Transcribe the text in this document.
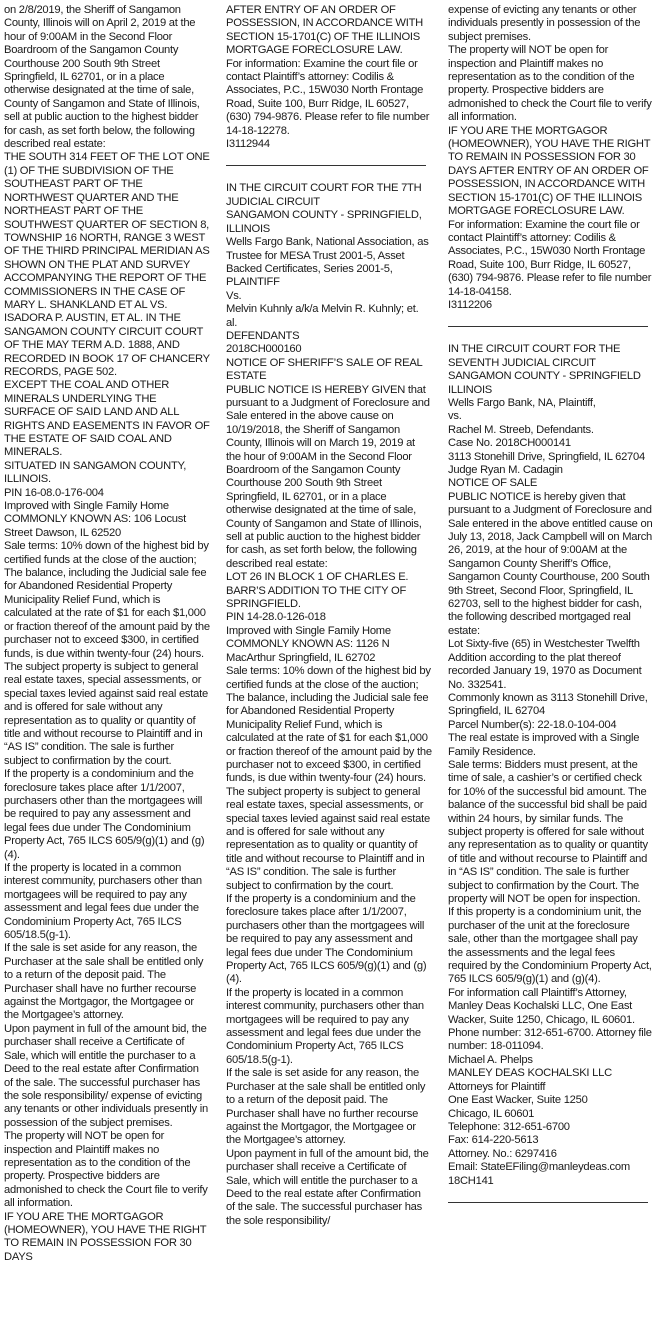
on 2/8/2019, the Sheriff of Sangamon County, Illinois will on April 2, 2019 at the hour of 9:00AM in the Second Floor Boardroom of the Sangamon County Courthouse 200 South 9th Street Springfield, IL 62701, or in a place otherwise designated at the time of sale, County of Sangamon and State of Illinois, sell at public auction to the highest bidder for cash, as set forth below, the following described real estate:

THE SOUTH 314 FEET OF THE LOT ONE (1) OF THE SUBDIVISION OF THE SOUTHEAST PART OF THE NORTHWEST QUARTER AND THE NORTHEAST PART OF THE SOUTHWEST QUARTER OF SECTION 8, TOWNSHIP 16 NORTH, RANGE 3 WEST OF THE THIRD PRINCIPAL MERIDIAN AS SHOWN ON THE PLAT AND SURVEY ACCOMPANYING THE REPORT OF THE COMMISSIONERS IN THE CASE OF MARY L. SHANKLAND ET AL VS. ISADORA P. AUSTIN, ET AL. IN THE SANGAMON COUNTY CIRCUIT COURT OF THE MAY TERM A.D. 1888, AND RECORDED IN BOOK 17 OF CHANCERY RECORDS, PAGE 502.

EXCEPT THE COAL AND OTHER MINERALS UNDERLYING THE SURFACE OF SAID LAND AND ALL RIGHTS AND EASEMENTS IN FAVOR OF THE ESTATE OF SAID COAL AND MINERALS.

SITUATED IN SANGAMON COUNTY, ILLINOIS.

PIN 16-08.0-176-004

Improved with Single Family Home

COMMONLY KNOWN AS: 106 Locust Street Dawson, IL 62520

Sale terms: 10% down of the highest bid by certified funds at the close of the auction; The balance, including the Judicial sale fee for Abandoned Residential Property Municipality Relief Fund, which is calculated at the rate of $1 for each $1,000 or fraction thereof of the amount paid by the purchaser not to exceed $300, in certified funds, is due within twenty-four (24) hours. The subject property is subject to general real estate taxes, special assessments, or special taxes levied against said real estate and is offered for sale without any representation as to quality or quantity of title and without recourse to Plaintiff and in “AS IS” condition. The sale is further subject to confirmation by the court.

If the property is a condominium and the foreclosure takes place after 1/1/2007, purchasers other than the mortgagees will be required to pay any assessment and legal fees due under The Condominium Property Act, 765 ILCS 605/9(g)(1) and (g)(4).

If the property is located in a common interest community, purchasers other than mortgagees will be required to pay any assessment and legal fees due under the Condominium Property Act, 765 ILCS 605/18.5(g-1).

If the sale is set aside for any reason, the Purchaser at the sale shall be entitled only to a return of the deposit paid. The Purchaser shall have no further recourse against the Mortgagor, the Mortgagee or the Mortgagee’s attorney.

Upon payment in full of the amount bid, the purchaser shall receive a Certificate of Sale, which will entitle the purchaser to a Deed to the real estate after Confirmation of the sale. The successful purchaser has the sole responsibility/ expense of evicting any tenants or other individuals presently in possession of the subject premises.

The property will NOT be open for inspection and Plaintiff makes no representation as to the condition of the property. Prospective bidders are admonished to check the Court file to verify all information.

IF YOU ARE THE MORTGAGOR (HOMEOWNER), YOU HAVE THE RIGHT TO REMAIN IN POSSESSION FOR 30 DAYS

AFTER ENTRY OF AN ORDER OF POSSESSION, IN ACCORDANCE WITH SECTION 15-1701(C) OF THE ILLINOIS MORTGAGE FORECLOSURE LAW.

For information: Examine the court file or contact Plaintiff’s attorney: Codilis & Associates, P.C., 15W030 North Frontage Road, Suite 100, Burr Ridge, IL 60527, (630) 794-9876. Please refer to file number 14-18-12278.

I3112944

IN THE CIRCUIT COURT FOR THE 7TH JUDICIAL CIRCUIT

SANGAMON COUNTY - SPRINGFIELD, ILLINOIS

Wells Fargo Bank, National Association, as Trustee for MESA Trust 2001-5, Asset Backed Certificates, Series 2001-5, PLAINTIFF

Vs.

Melvin Kuhnly a/k/a Melvin R. Kuhnly; et. al.

DEFENDANTS

2018CH000160

NOTICE OF SHERIFF’S SALE OF REAL ESTATE

PUBLIC NOTICE IS HEREBY GIVEN that pursuant to a Judgment of Foreclosure and Sale entered in the above cause on 10/19/2018, the Sheriff of Sangamon County, Illinois will on March 19, 2019 at the hour of 9:00AM in the Second Floor Boardroom of the Sangamon County Courthouse 200 South 9th Street Springfield, IL 62701, or in a place otherwise designated at the time of sale, County of Sangamon and State of Illinois, sell at public auction to the highest bidder for cash, as set forth below, the following described real estate:

LOT 26 IN BLOCK 1 OF CHARLES E. BARR’S ADDITION TO THE CITY OF SPRINGFIELD.

PIN 14-28.0-126-018

Improved with Single Family Home

COMMONLY KNOWN AS: 1126 N MacArthur Springfield, IL 62702

Sale terms: 10% down of the highest bid by certified funds at the close of the auction; The balance, including the Judicial sale fee for Abandoned Residential Property Municipality Relief Fund, which is calculated at the rate of $1 for each $1,000 or fraction thereof of the amount paid by the purchaser not to exceed $300, in certified funds, is due within twenty-four (24) hours. The subject property is subject to general real estate taxes, special assessments, or special taxes levied against said real estate and is offered for sale without any representation as to quality or quantity of title and without recourse to Plaintiff and in “AS IS” condition. The sale is further subject to confirmation by the court.

If the property is a condominium and the foreclosure takes place after 1/1/2007, purchasers other than the mortgagees will be required to pay any assessment and legal fees due under The Condominium Property Act, 765 ILCS 605/9(g)(1) and (g)(4).

If the property is located in a common interest community, purchasers other than mortgagees will be required to pay any assessment and legal fees due under the Condominium Property Act, 765 ILCS 605/18.5(g-1).

If the sale is set aside for any reason, the Purchaser at the sale shall be entitled only to a return of the deposit paid. The Purchaser shall have no further recourse against the Mortgagor, the Mortgagee or the Mortgagee’s attorney.

Upon payment in full of the amount bid, the purchaser shall receive a Certificate of Sale, which will entitle the purchaser to a Deed to the real estate after Confirmation of the sale. The successful purchaser has the sole responsibility/

expense of evicting any tenants or other individuals presently in possession of the subject premises.

The property will NOT be open for inspection and Plaintiff makes no representation as to the condition of the property. Prospective bidders are admonished to check the Court file to verify all information.

IF YOU ARE THE MORTGAGOR (HOMEOWNER), YOU HAVE THE RIGHT TO REMAIN IN POSSESSION FOR 30 DAYS AFTER ENTRY OF AN ORDER OF POSSESSION, IN ACCORDANCE WITH SECTION 15-1701(C) OF THE ILLINOIS MORTGAGE FORECLOSURE LAW.

For information: Examine the court file or contact Plaintiff’s attorney: Codilis & Associates, P.C., 15W030 North Frontage Road, Suite 100, Burr Ridge, IL 60527, (630) 794-9876. Please refer to file number 14-18-04158.

I3112206

IN THE CIRCUIT COURT FOR THE SEVENTH JUDICIAL CIRCUIT

SANGAMON COUNTY - SPRINGFIELD ILLINOIS

Wells Fargo Bank, NA, Plaintiff,

vs.

Rachel M. Streeb, Defendants.

Case No. 2018CH000141

3113 Stonehill Drive, Springfield, IL 62704

Judge Ryan M. Cadagin

NOTICE OF SALE

PUBLIC NOTICE is hereby given that pursuant to a Judgment of Foreclosure and Sale entered in the above entitled cause on July 13, 2018, Jack Campbell will on March 26, 2019, at the hour of 9:00AM at the Sangamon County Sheriff’s Office, Sangamon County Courthouse, 200 South 9th Street, Second Floor, Springfield, IL 62703, sell to the highest bidder for cash, the following described mortgaged real estate:

Lot Sixty-five (65) in Westchester Twelfth Addition according to the plat thereof recorded January 19, 1970 as Document No. 332541.

Commonly known as 3113 Stonehill Drive, Springfield, IL 62704

Parcel Number(s): 22-18.0-104-004

The real estate is improved with a Single Family Residence.

Sale terms: Bidders must present, at the time of sale, a cashier’s or certified check for 10% of the successful bid amount. The balance of the successful bid shall be paid within 24 hours, by similar funds. The subject property is offered for sale without any representation as to quality or quantity of title and without recourse to Plaintiff and in “AS IS” condition. The sale is further subject to confirmation by the Court. The property will NOT be open for inspection.

If this property is a condominium unit, the purchaser of the unit at the foreclosure sale, other than the mortgagee shall pay the assessments and the legal fees required by the Condominium Property Act, 765 ILCS 605/9(g)(1) and (g)(4).

For information call Plaintiff’s Attorney, Manley Deas Kochalski LLC, One East Wacker, Suite 1250, Chicago, IL 60601. Phone number: 312-651-6700. Attorney file number: 18-011094.

Michael A. Phelps

MANLEY DEAS KOCHALSKI LLC

Attorneys for Plaintiff

One East Wacker, Suite 1250

Chicago, IL 60601

Telephone: 312-651-6700

Fax: 614-220-5613

Attorney. No.: 6297416

Email: StateEFiling@manleydeas.com

18CH141
